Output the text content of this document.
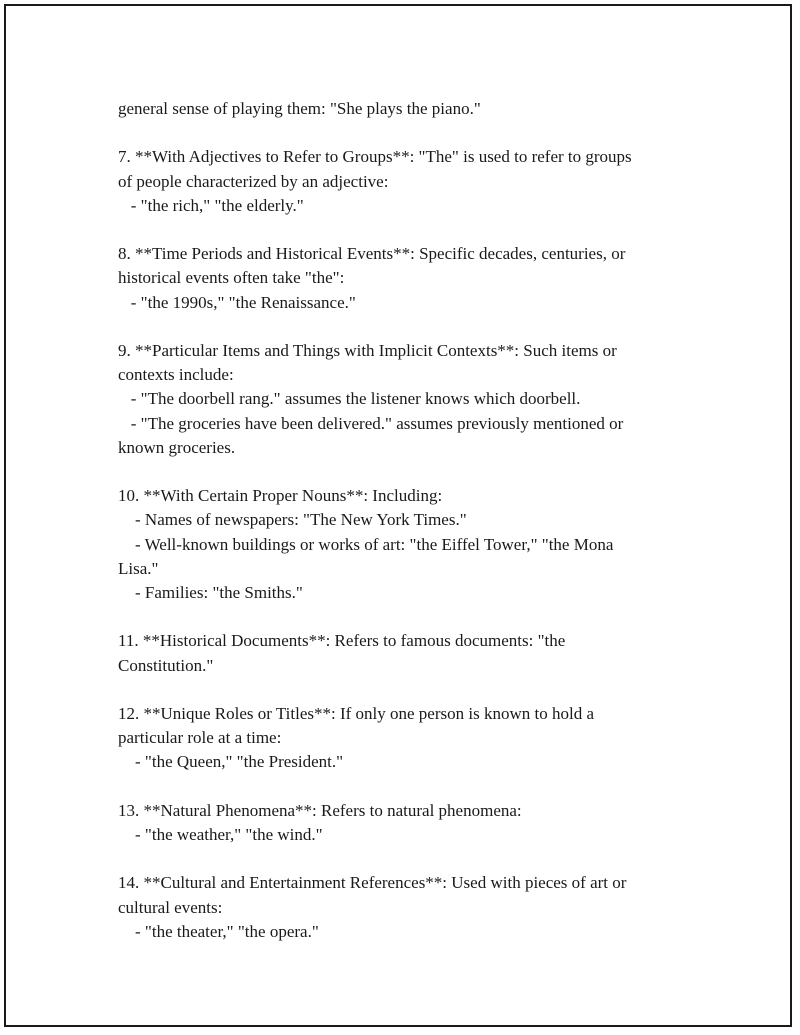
general sense of playing them: "She plays the piano."
7. **With Adjectives to Refer to Groups**: "The" is used to refer to groups
of people characterized by an adjective:
- "the rich," "the elderly."
8. **Time Periods and Historical Events**: Specific decades, centuries, or
historical events often take "the":
- "the 1990s," "the Renaissance."
9. **Particular Items and Things with Implicit Contexts**: Such items or
contexts include:
- "The doorbell rang." assumes the listener knows which doorbell.
- "The groceries have been delivered." assumes previously mentioned or
known groceries.
10. **With Certain Proper Nouns**: Including:
- Names of newspapers: "The New York Times."
- Well-known buildings or works of art: "the Eiffel Tower," "the Mona
Lisa."
- Families: "the Smiths."
11. **Historical Documents**: Refers to famous documents: "the
Constitution."
12. **Unique Roles or Titles**: If only one person is known to hold a
particular role at a time:
- "the Queen," "the President."
13. **Natural Phenomena**: Refers to natural phenomena:
- "the weather," "the wind."
14. **Cultural and Entertainment References**: Used with pieces of art or
cultural events:
- "the theater," "the opera."
